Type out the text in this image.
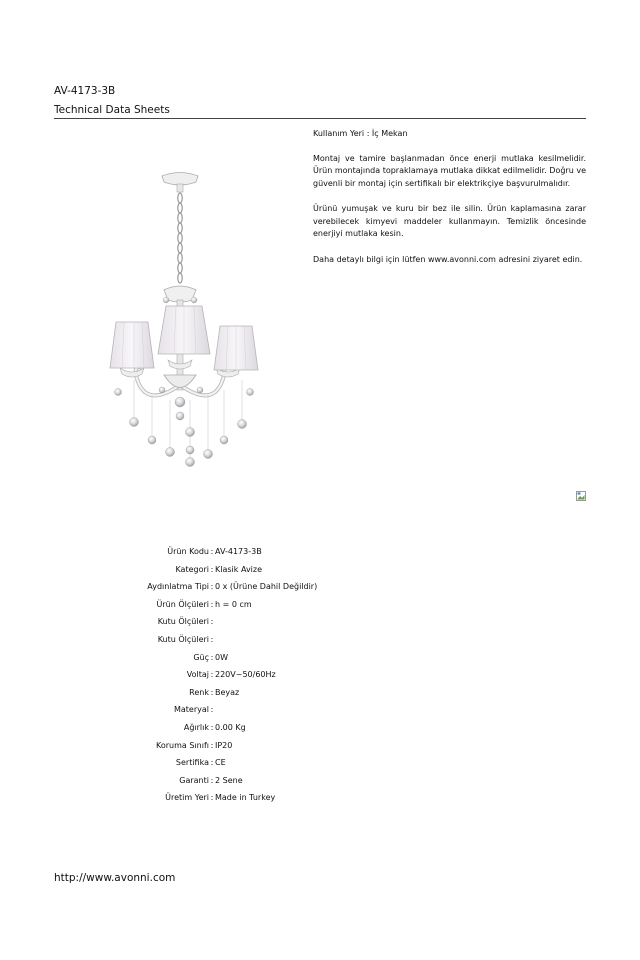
AV-4173-3B
Technical Data Sheets

Kullanım Yeri : İç Mekan

Montaj ve tamire başlanmadan önce enerji mutlaka kesilmelidir. Ürün montajında topraklamaya mutlaka dikkat edilmelidir. Doğru ve güvenli bir montaj için sertifikalı bir elektrikçiye başvurulmalıdır.

Ürünü yumuşak ve kuru bir bez ile silin. Ürün kaplamasına zarar verebilecek kimyevi maddeler kullanmayın. Temizlik öncesinde enerjiyi mutlaka kesin.

Daha detaylı bilgi için lütfen www.avonni.com adresini ziyaret edin.

Ürün Kodu : AV-4173-3B
Kategori : Klasik Avize
Aydınlatma Tipi : 0 x (Ürüne Dahil Değildir)
Ürün Ölçüleri : h = 0 cm
Kutu Ölçüleri :
Kutu Ölçüleri :
Güç : 0W
Voltaj : 220V~50/60Hz
Renk : Beyaz
Materyal :
Ağırlık : 0.00 Kg
Koruma Sınıfı : IP20
Sertifika : CE
Garanti : 2 Sene
Üretim Yeri : Made in Turkey
http://www.avonni.com
